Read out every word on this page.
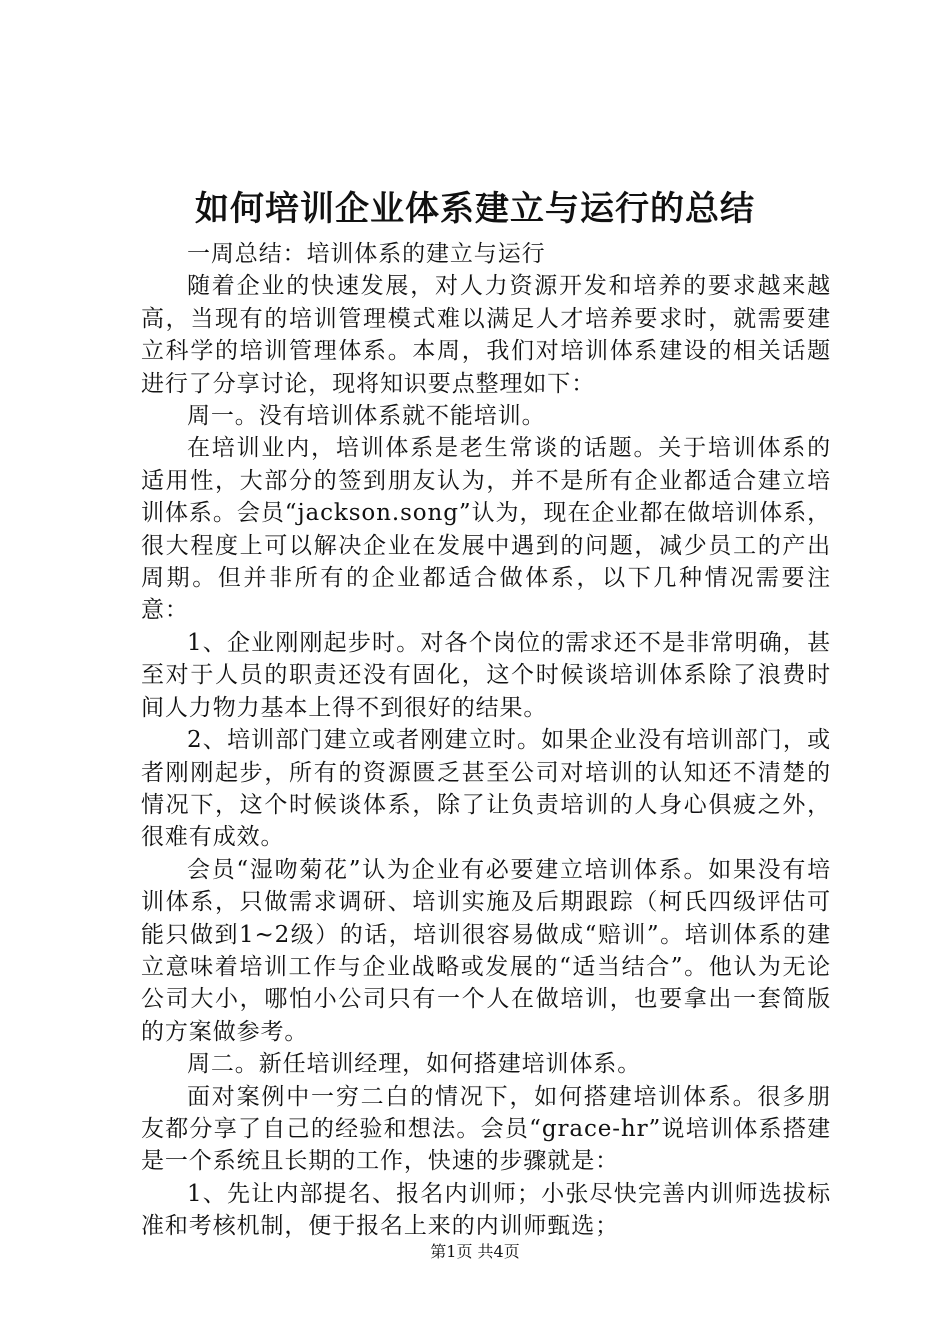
如何培训企业体系建立与运行的总结

一周总结：培训体系的建立与运行

随着企业的快速发展，对人力资源开发和培养的要求越来越高，当现有的培训管理模式难以满足人才培养要求时，就需要建立科学的培训管理体系。本周，我们对培训体系建设的相关话题进行了分享讨论，现将知识要点整理如下：

周一。没有培训体系就不能培训。

在培训业内，培训体系是老生常谈的话题。关于培训体系的适用性，大部分的签到朋友认为，并不是所有企业都适合建立培训体系。会员“jackson.song”认为，现在企业都在做培训体系，很大程度上可以解决企业在发展中遇到的问题，减少员工的产出周期。但并非所有的企业都适合做体系，以下几种情况需要注意：

1、企业刚刚起步时。对各个岗位的需求还不是非常明确，甚至对于人员的职责还没有固化，这个时候谈培训体系除了浪费时间人力物力基本上得不到很好的结果。

2、培训部门建立或者刚建立时。如果企业没有培训部门，或者刚刚起步，所有的资源匮乏甚至公司对培训的认知还不清楚的情况下，这个时候谈体系，除了让负责培训的人身心俱疲之外，很难有成效。

会员“湿吻菊花”认为企业有必要建立培训体系。如果没有培训体系，只做需求调研、培训实施及后期跟踪（柯氏四级评估可能只做到1~2级）的话，培训很容易做成“赔训”。培训体系的建立意味着培训工作与企业战略或发展的“适当结合”。他认为无论公司大小，哪怕小公司只有一个人在做培训，也要拿出一套简版的方案做参考。

周二。新任培训经理，如何搭建培训体系。

面对案例中一穷二白的情况下，如何搭建培训体系。很多朋友都分享了自己的经验和想法。会员“grace-hr”说培训体系搭建是一个系统且长期的工作，快速的步骤就是：

1、先让内部提名、报名内训师；小张尽快完善内训师选拔标准和考核机制，便于报名上来的内训师甄选；

第1页 共4页
